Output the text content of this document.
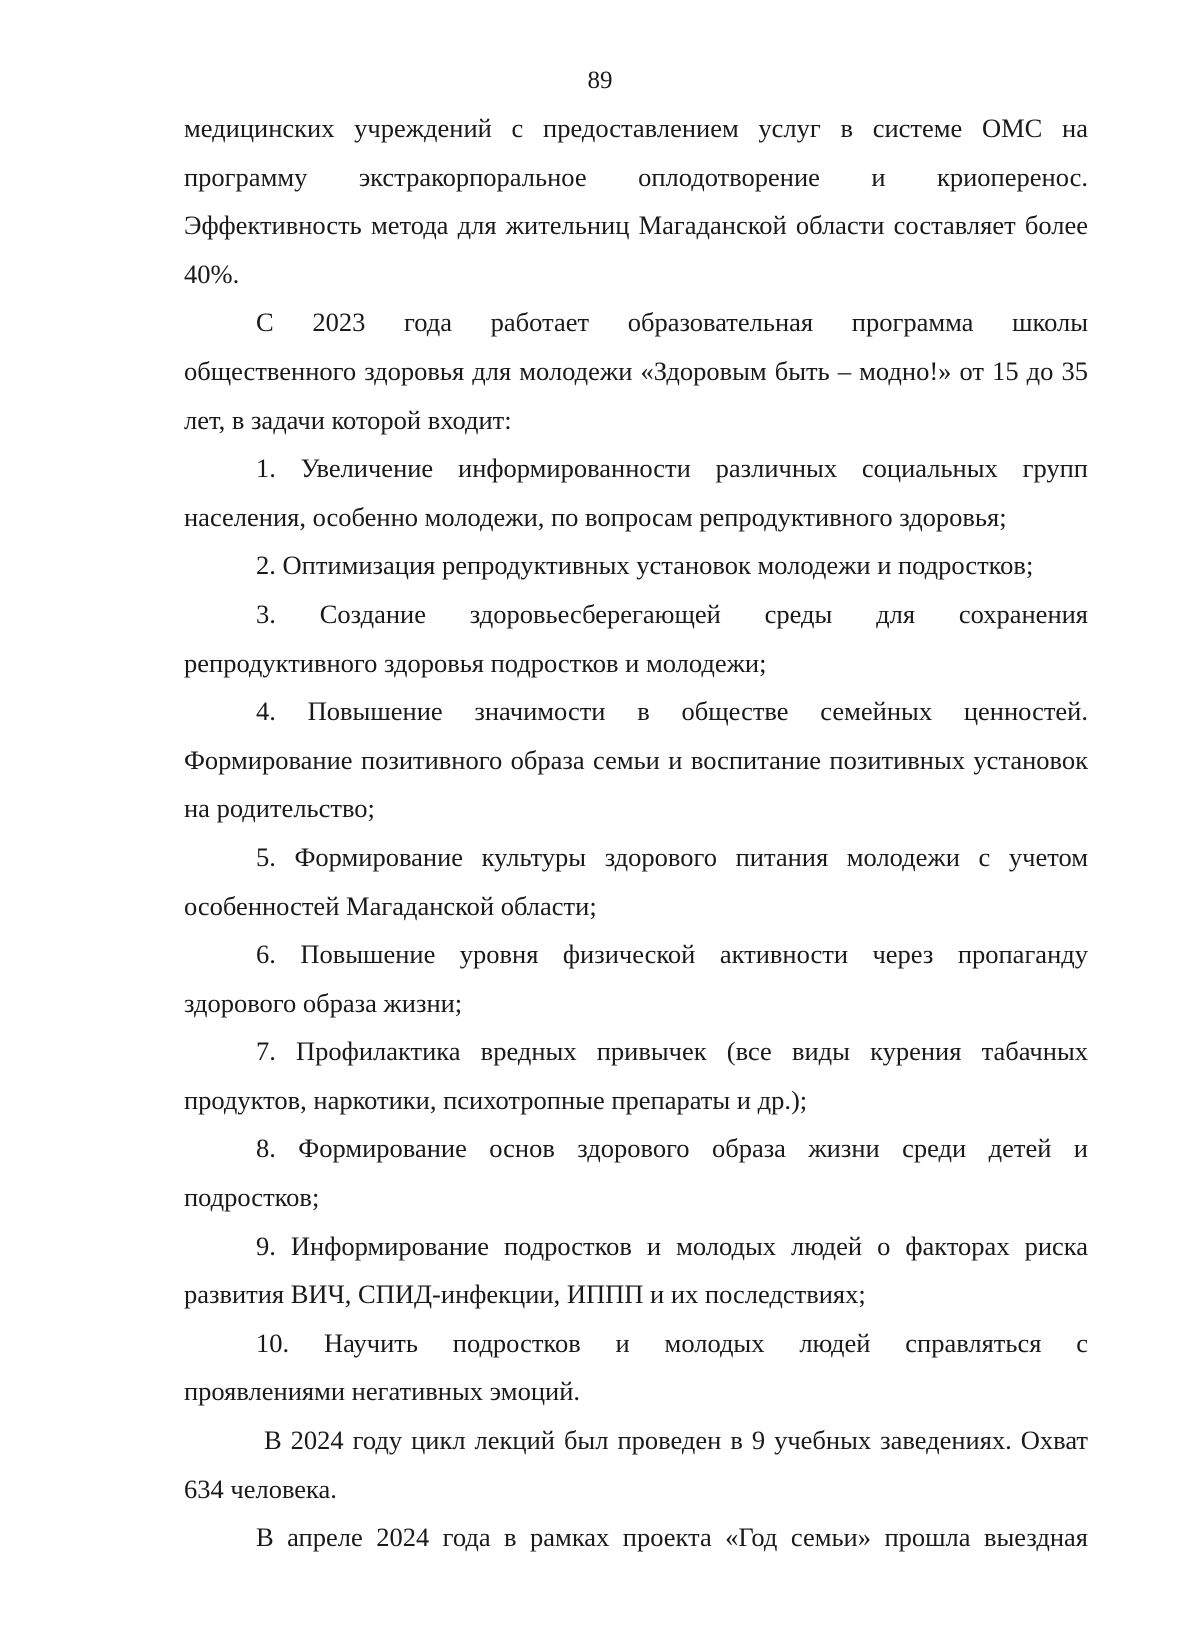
89

медицинских учреждений с предоставлением услуг в системе ОМС на

программу экстракорпоральное оплодотворение и криоперенос.

Эффективность метода для жительниц Магаданской области составляет более 40%.

С 2023 года работает образовательная программа школы

общественного здоровья для молодежи «Здоровым быть – модно!» от 15 до 35 лет, в задачи которой входит:

1. Увеличение информированности различных социальных групп населения, особенно молодежи, по вопросам репродуктивного здоровья;

2. Оптимизация репродуктивных установок молодежи и подростков;

3. Создание здоровьесберегающей среды для сохранения

репродуктивного здоровья подростков и молодежи;

4. Повышение значимости в обществе семейных ценностей. Формирование позитивного образа семьи и воспитание позитивных установок на родительство;

5. Формирование культуры здорового питания молодежи с учетом особенностей Магаданской области;

6. Повышение уровня физической активности через пропаганду здорового образа жизни;

7. Профилактика вредных привычек (все виды курения табачных продуктов, наркотики, психотропные препараты и др.);

8. Формирование основ здорового образа жизни среди детей и подростков;

9. Информирование подростков и молодых людей о факторах риска развития ВИЧ, СПИД-инфекции, ИППП и их последствиях;

10. Научить подростков и молодых людей справляться с

проявлениями негативных эмоций.

В 2024 году цикл лекций был проведен в 9 учебных заведениях. Охват 634 человека.

В апреле 2024 года в рамках проекта «Год семьи» прошла выездная
